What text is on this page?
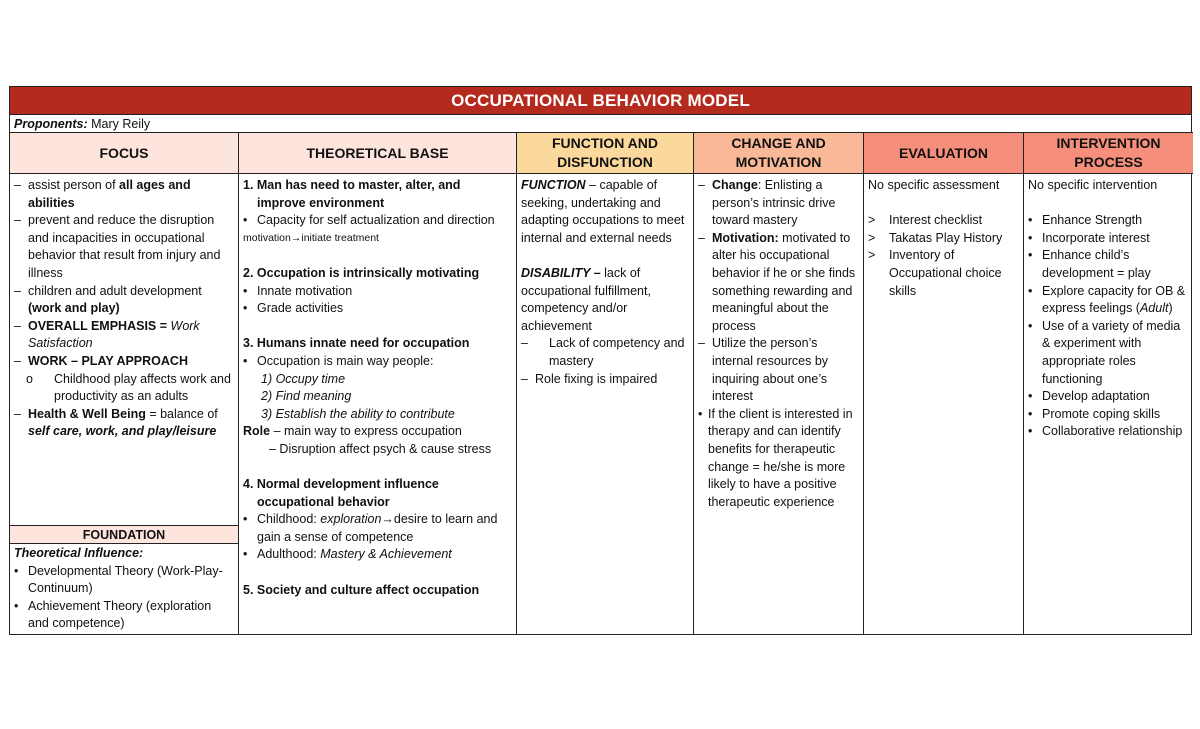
OCCUPATIONAL BEHAVIOR MODEL
Proponents: Mary Reily
FOCUS
– assist person of all ages and abilities
– prevent and reduce the disruption and incapacities in occupational behavior that result from injury and illness
– children and adult development (work and play)
– OVERALL EMPHASIS = Work Satisfaction
– WORK – PLAY APPROACH
o	Childhood play affects work and productivity as an adults
– Health & Well Being = balance of self care, work, and play/leisure
FOUNDATION
Theoretical Influence:
• Developmental Theory (Work-Play-Continuum)
• Achievement Theory (exploration and competence)
THEORETICAL BASE
1. Man has need to master, alter, and improve environment
• Capacity for self actualization and direction
motivation→initiate treatment
2. Occupation is intrinsically motivating
• Innate motivation
• Grade activities
3. Humans innate need for occupation
• Occupation is main way people:
1) Occupy time
2) Find meaning
3) Establish the ability to contribute
Role – main way to express occupation
– Disruption affect psych & cause stress
4. Normal development influence occupational behavior
• Childhood: exploration→desire to learn and gain a sense of competence
• Adulthood: Mastery & Achievement
5. Society and culture affect occupation
FUNCTION AND DISFUNCTION
FUNCTION – capable of seeking, undertaking and adapting occupations to meet internal and external needs
DISABILITY – lack of occupational fulfillment, competency and/or achievement
– Lack of competency and mastery
– Role fixing is impaired
CHANGE AND MOTIVATION
– Change: Enlisting a person’s intrinsic drive toward mastery
– Motivation: motivated to alter his occupational behavior if he or she finds something rewarding and meaningful about the process
– Utilize the person’s internal resources by inquiring about one’s interest
• If the client is interested in therapy and can identify benefits for therapeutic change = he/she is more likely to have a positive therapeutic experience
EVALUATION
No specific assessment
> Interest checklist
> Takatas Play History
> Inventory of Occupational choice skills
INTERVENTION PROCESS
No specific intervention
• Enhance Strength
• Incorporate interest
• Enhance child’s development = play
• Explore capacity for OB & express feelings (Adult)
• Use of a variety of media & experiment with appropriate roles functioning
• Develop adaptation
• Promote coping skills
• Collaborative relationship
